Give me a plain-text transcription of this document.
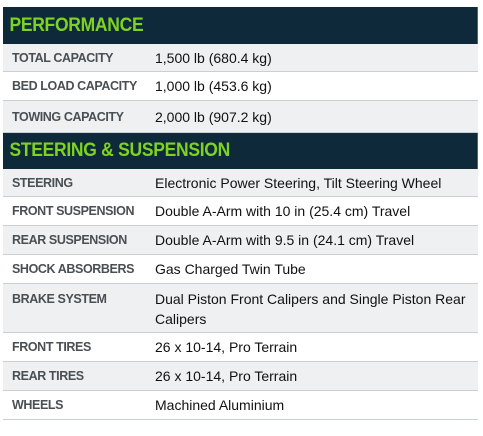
PERFORMANCE
TOTAL CAPACITY	1,500 lb (680.4 kg)
BED LOAD CAPACITY	1,000 lb (453.6 kg)
TOWING CAPACITY	2,000 lb (907.2 kg)
STEERING & SUSPENSION
STEERING	Electronic Power Steering, Tilt Steering Wheel
FRONT SUSPENSION	Double A-Arm with 10 in (25.4 cm) Travel
REAR SUSPENSION	Double A-Arm with 9.5 in (24.1 cm) Travel
SHOCK ABSORBERS	Gas Charged Twin Tube
BRAKE SYSTEM	Dual Piston Front Calipers and Single Piston Rear Calipers
FRONT TIRES	26 x 10-14, Pro Terrain
REAR TIRES	26 x 10-14, Pro Terrain
WHEELS	Machined Aluminium
